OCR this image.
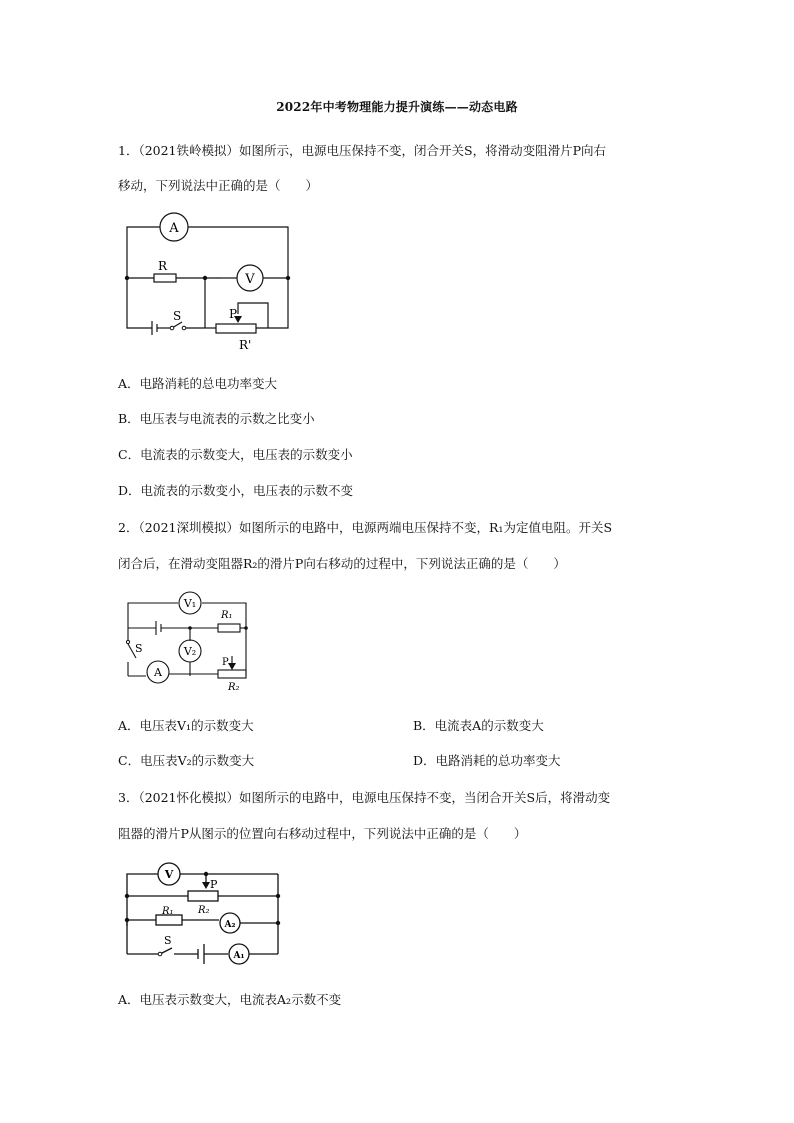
2022年中考物理能力提升演练——动态电路
1．（2021铁岭模拟）如图所示，电源电压保持不变，闭合开关S，将滑动变阻滑片P向右
移动，下列说法中正确的是（　　）
A
V
R
S	P
R'
A．电路消耗的总电功率变大
B．电压表与电流表的示数之比变小
C．电流表的示数变大，电压表的示数变小
D．电流表的示数变小，电压表的示数不变
2．（2021深圳模拟）如图所示的电路中，电源两端电压保持不变，R₁为定值电阻。开关S
闭合后，在滑动变阻器R₂的滑片P向右移动的过程中，下列说法正确的是（　　）
V₁
R₁
V₂
S
A
P
R₂
A．电压表V₁的示数变大	B．电流表A的示数变大
C．电压表V₂的示数变大	D．电路消耗的总功率变大
3．（2021怀化模拟）如图所示的电路中，电源电压保持不变，当闭合开关S后，将滑动变
阻器的滑片P从图示的位置向右移动过程中，下列说法中正确的是（　　）
V
P
R₁ R₂
A₂
S
A₁
A．电压表示数变大，电流表A₂示数不变
